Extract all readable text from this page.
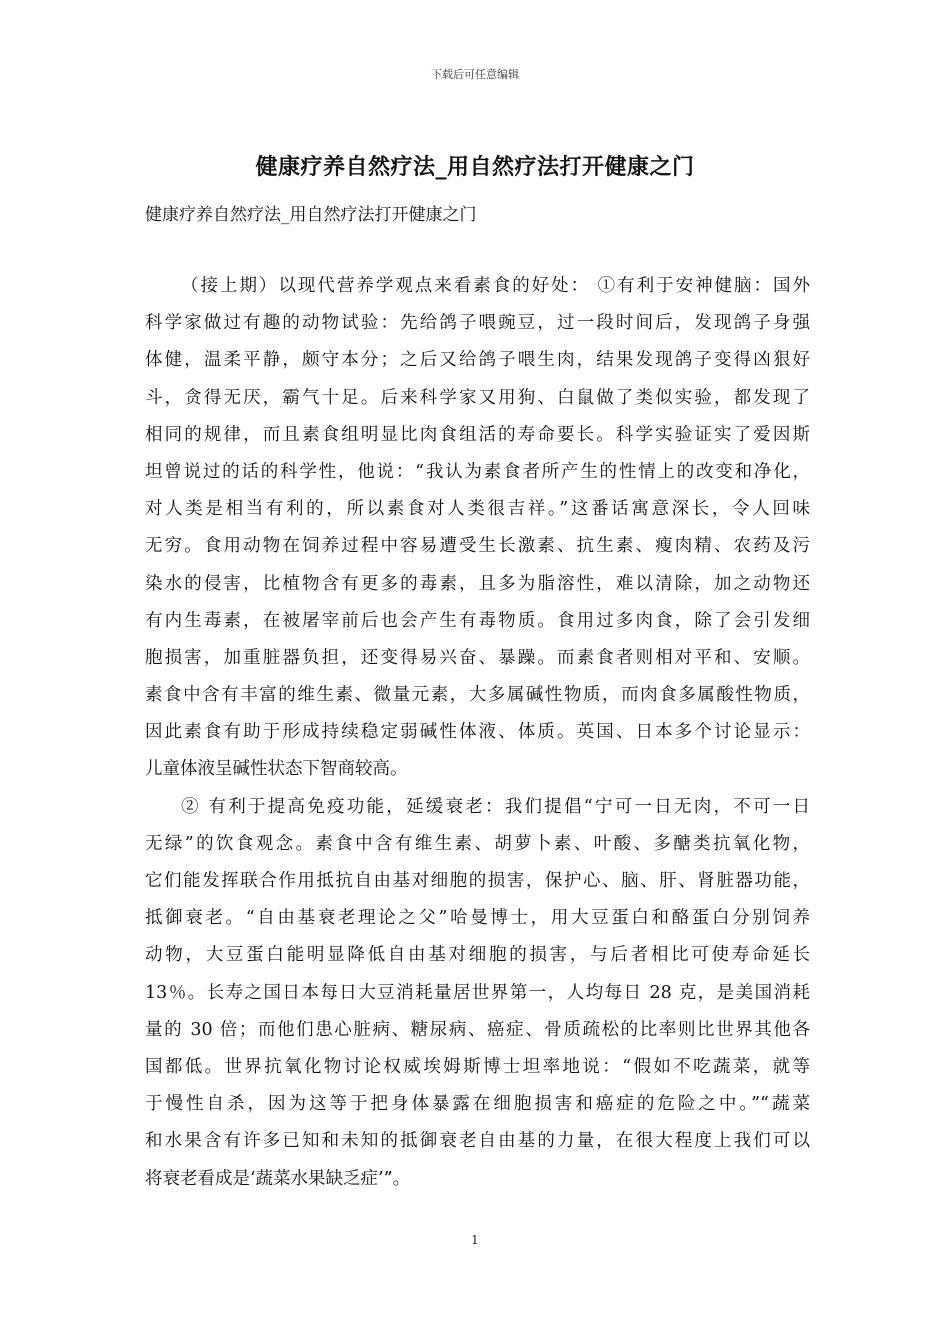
下载后可任意编辑
健康疗养自然疗法_用自然疗法打开健康之门
健康疗养自然疗法_用自然疗法打开健康之门
（接上期）以现代营养学观点来看素食的好处： ①有利于安神健脑：国外
科学家做过有趣的动物试验：先给鸽子喂豌豆，过一段时间后，发现鸽子身强
体健，温柔平静，颇守本分；之后又给鸽子喂生肉，结果发现鸽子变得凶狠好
斗，贪得无厌，霸气十足。后来科学家又用狗、白鼠做了类似实验，都发现了
相同的规律，而且素食组明显比肉食组活的寿命要长。科学实验证实了爱因斯
坦曾说过的话的科学性，他说：“我认为素食者所产生的性情上的改变和净化，
对人类是相当有利的，所以素食对人类很吉祥。”这番话寓意深长，令人回味
无穷。食用动物在饲养过程中容易遭受生长激素、抗生素、瘦肉精、农药及污
染水的侵害，比植物含有更多的毒素，且多为脂溶性，难以清除，加之动物还
有内生毒素，在被屠宰前后也会产生有毒物质。食用过多肉食，除了会引发细
胞损害，加重脏器负担，还变得易兴奋、暴躁。而素食者则相对平和、安顺。
素食中含有丰富的维生素、微量元素，大多属碱性物质，而肉食多属酸性物质，
因此素食有助于形成持续稳定弱碱性体液、体质。英国、日本多个讨论显示：
儿童体液呈碱性状态下智商较高。
② 有利于提高免疫功能，延缓衰老：我们提倡“宁可一日无肉，不可一日
无绿”的饮食观念。素食中含有维生素、胡萝卜素、叶酸、多醣类抗氧化物，
它们能发挥联合作用抵抗自由基对细胞的损害，保护心、脑、肝、肾脏器功能，
抵御衰老。“自由基衰老理论之父”哈曼博士，用大豆蛋白和酪蛋白分别饲养
动物，大豆蛋白能明显降低自由基对细胞的损害，与后者相比可使寿命延长
13％。长寿之国日本每日大豆消耗量居世界第一，人均每日 28 克，是美国消耗
量的 30 倍；而他们患心脏病、糖尿病、癌症、骨质疏松的比率则比世界其他各
国都低。世界抗氧化物讨论权威埃姆斯博士坦率地说：“假如不吃蔬菜，就等
于慢性自杀，因为这等于把身体暴露在细胞损害和癌症的危险之中。”“蔬菜
和水果含有许多已知和未知的抵御衰老自由基的力量，在很大程度上我们可以
将衰老看成是‘蔬菜水果缺乏症’”。
1
